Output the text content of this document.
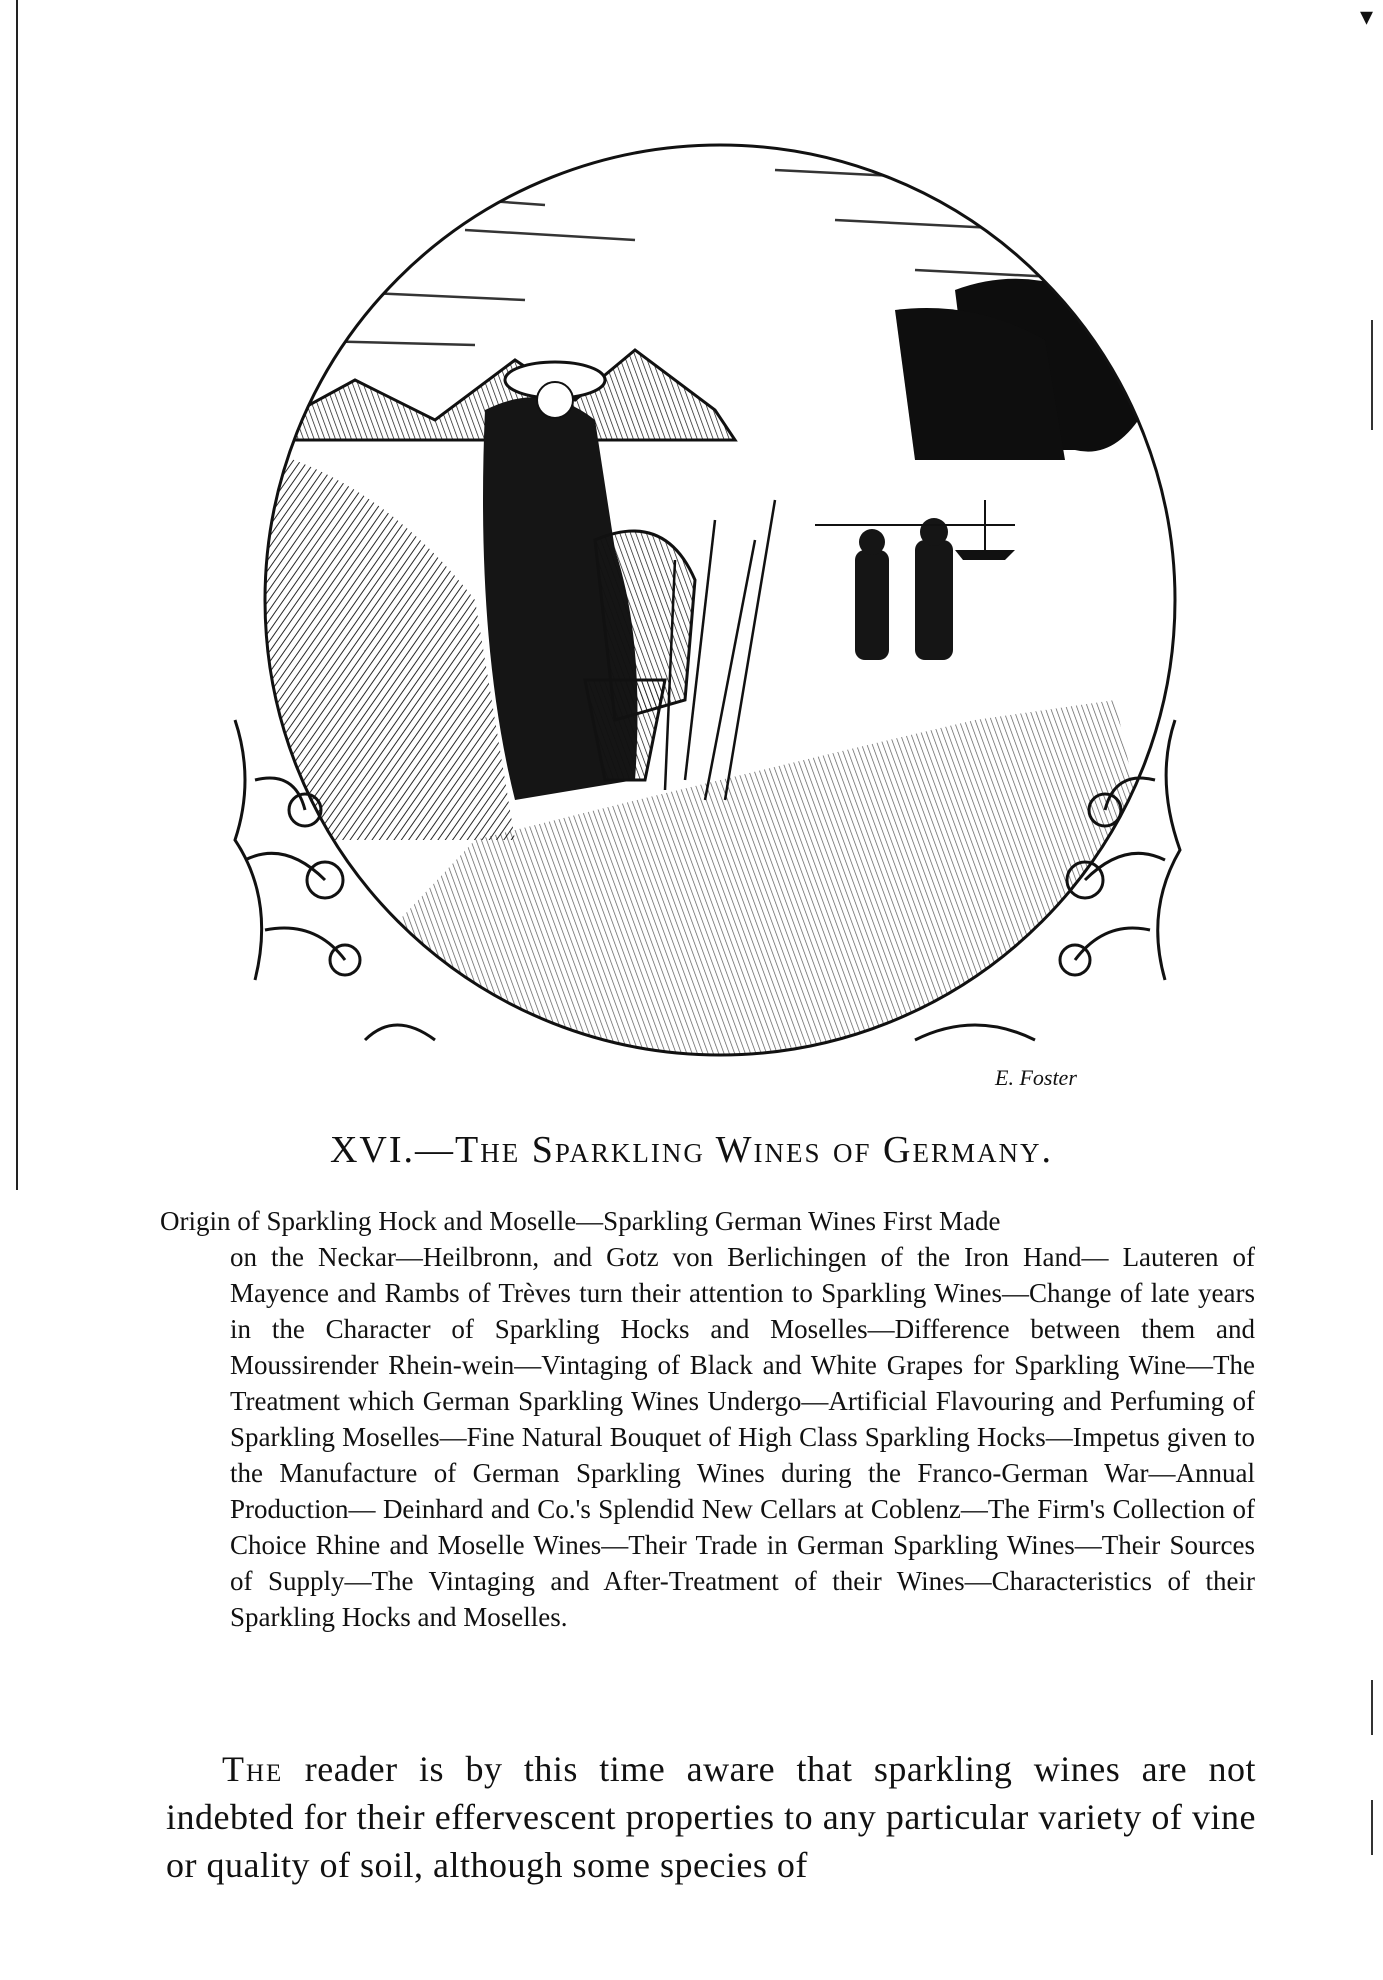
▾
E. Foster
XVI.—The Sparkling Wines of Germany.
Origin of Sparkling Hock and Moselle—Sparkling German Wines First Made
on the Neckar—Heilbronn, and Gotz von Berlichingen of the Iron Hand— Lauteren of Mayence and Rambs of Trèves turn their attention to Sparkling Wines—Change of late years in the Character of Sparkling Hocks and Moselles—Difference between them and Moussirender Rhein-wein—Vintaging of Black and White Grapes for Sparkling Wine—The Treatment which German Sparkling Wines Undergo—Artificial Flavouring and Perfuming of Sparkling Moselles—Fine Natural Bouquet of High Class Sparkling Hocks—Impetus given to the Manufacture of German Sparkling Wines during the Franco-German War—Annual Production— Deinhard and Co.'s Splendid New Cellars at Coblenz—The Firm's Collection of Choice Rhine and Moselle Wines—Their Trade in German Sparkling Wines—Their Sources of Supply—The Vintaging and After-Treatment of their Wines—Characteristics of their Sparkling Hocks and Moselles.
The reader is by this time aware that sparkling wines are not indebted for their effervescent properties to any particular variety of vine or quality of soil, although some species of
